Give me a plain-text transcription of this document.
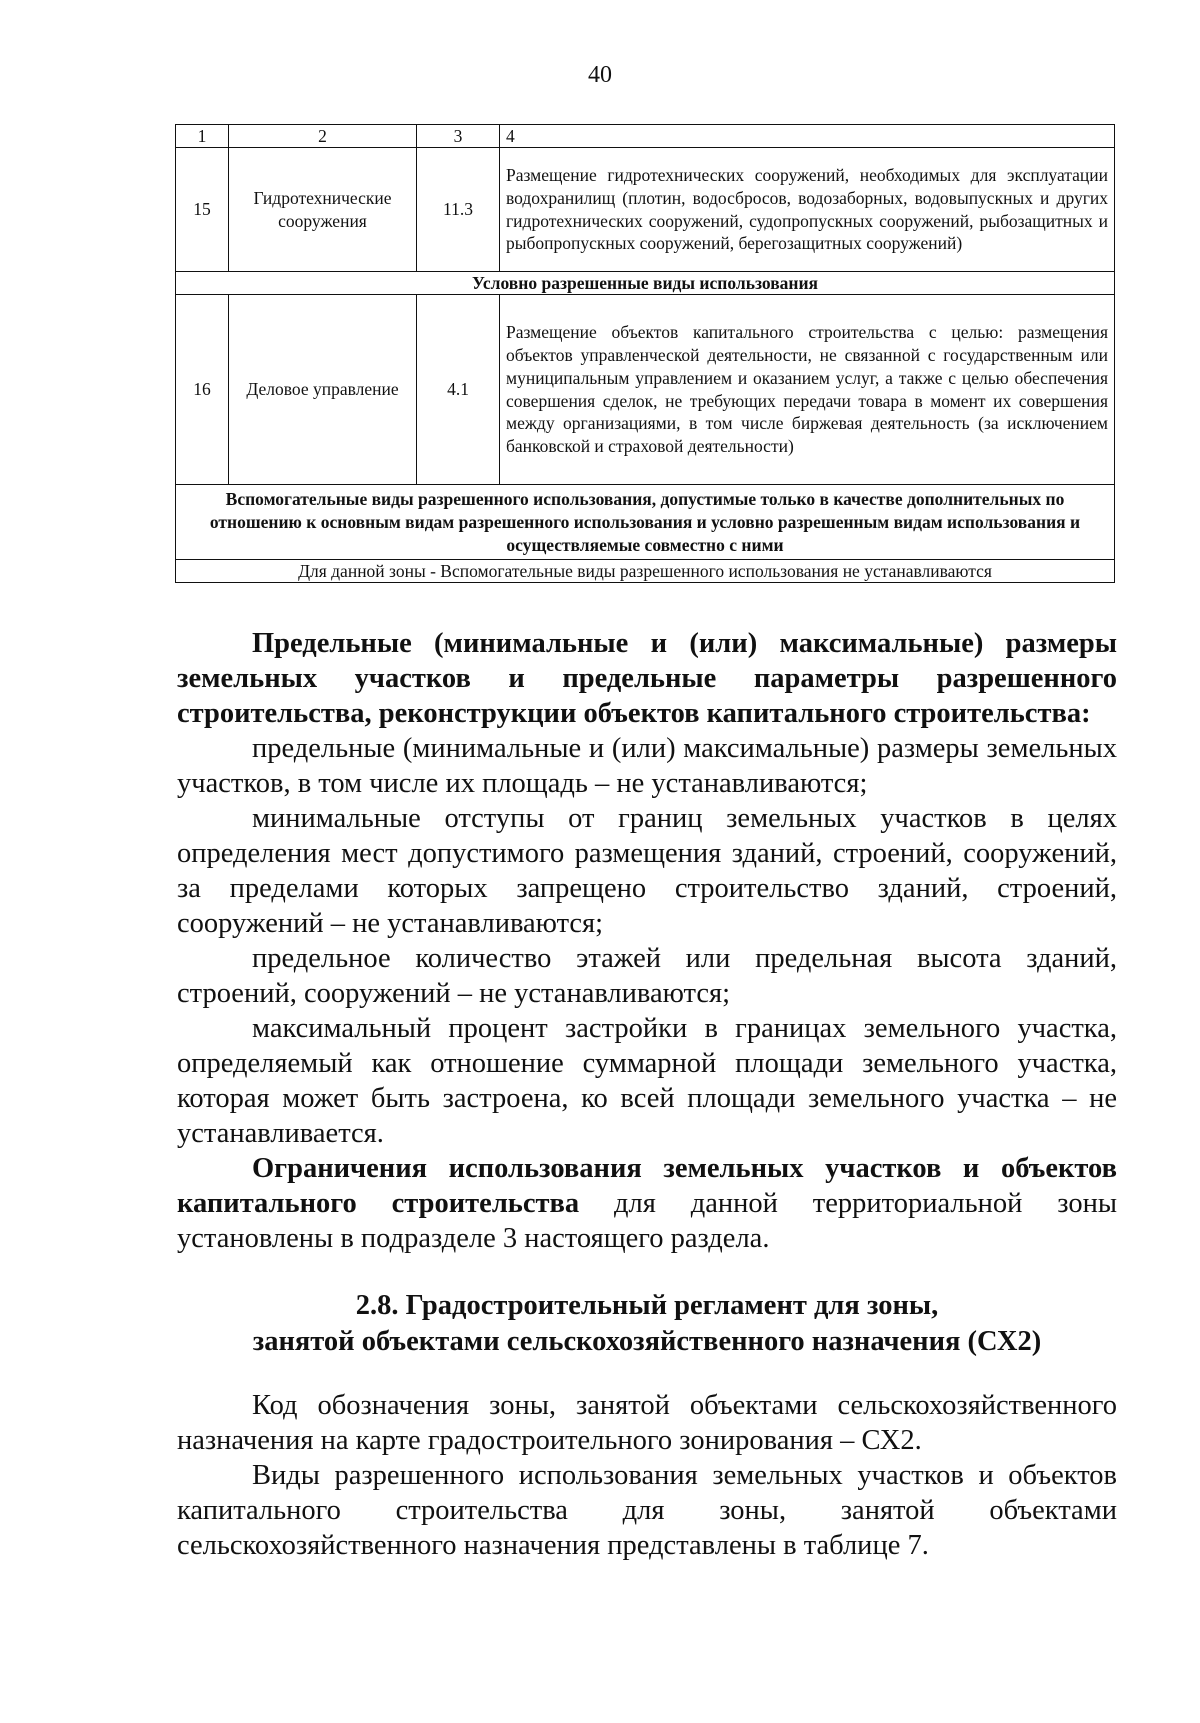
40
1	2	3	4
15	Гидротехнические сооружения	11.3	Размещение гидротехнических сооружений, необходимых для эксплуатации водохранилищ (плотин, водосбросов, водозаборных, водовыпускных и других гидротехнических сооружений, судопропускных сооружений, рыбозащитных и рыбопропускных сооружений, берегозащитных сооружений)
Условно разрешенные виды использования			
16	Деловое управление	4.1	Размещение объектов капитального строительства с целью: размещения объектов управленческой деятельности, не связанной с государственным или муниципальным управлением и оказанием услуг, а также с целью обеспечения совершения сделок, не требующих передачи товара в момент их совершения между организациями, в том числе биржевая деятельность (за исключением банковской и страховой деятельности)
Вспомогательные виды разрешенного использования, допустимые только в качестве дополнительных по отношению к основным видам разрешенного использования и условно разрешенным видам использования и осуществляемые совместно с ними			
Для данной зоны - Вспомогательные виды разрешенного использования не устанавливаются			

Предельные (минимальные и (или) максимальные) размеры земельных участков и предельные параметры разрешенного строительства, реконструкции объектов капитального строительства:

предельные (минимальные и (или) максимальные) размеры земельных участков, в том числе их площадь – не устанавливаются;

минимальные отступы от границ земельных участков в целях определения мест допустимого размещения зданий, строений, сооружений, за пределами которых запрещено строительство зданий, строений, сооружений – не устанавливаются;

предельное количество этажей или предельная высота зданий, строений, сооружений – не устанавливаются;

максимальный процент застройки в границах земельного участка, определяемый как отношение суммарной площади земельного участка, которая может быть застроена, ко всей площади земельного участка – не устанавливается.

Ограничения использования земельных участков и объектов капитального строительства для данной территориальной зоны установлены в подразделе 3 настоящего раздела.

2.8. Градостроительный регламент для зоны,
занятой объектами сельскохозяйственного назначения (СХ2)

Код обозначения зоны, занятой объектами сельскохозяйственного назначения на карте градостроительного зонирования – СХ2.

Виды разрешенного использования земельных участков и объектов капитального строительства для зоны, занятой объектами сельскохозяйственного назначения представлены в таблице 7.
